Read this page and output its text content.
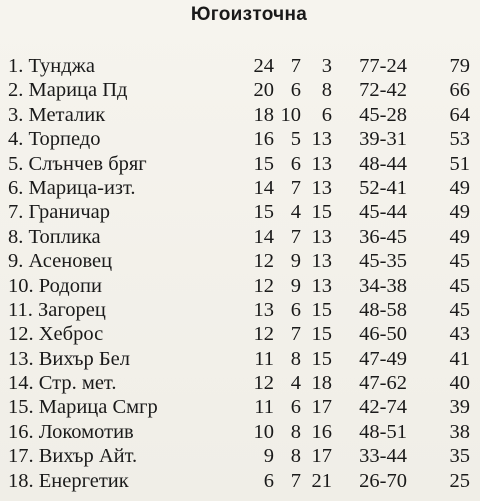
Югоизточна
1. Тунджа	24 7	3	77-24	79
2. Марица Пд	20 6	8	72-42	66
3. Металик	18 10	6	45-28	64
4. Торпедо	16 5 13	39-31	53
5. Слънчев бряг	15 6 13	48-44	51
6. Марица-изт.	14 7 13	52-41	49
7. Граничар	15 4 15	45-44	49
8. Топлика	14 7 13	36-45	49
9. Асеновец	12 9 13	45-35	45
10. Родопи	12 9 13	34-38	45
11. Загорец	13 6 15	48-58	45
12. Хеброс	12 7 15	46-50	43
13. Вихър Бел	11 8 15	47-49	41
14. Стр. мет.	12 4 18	47-62	40
15. Марица Смгр	11 6 17	42-74	39
16. Локомотив	10 8 16	48-51	38
17. Вихър Айт.	9 8 17	33-44	35
18. Енергетик	6 7 21	26-70	25
